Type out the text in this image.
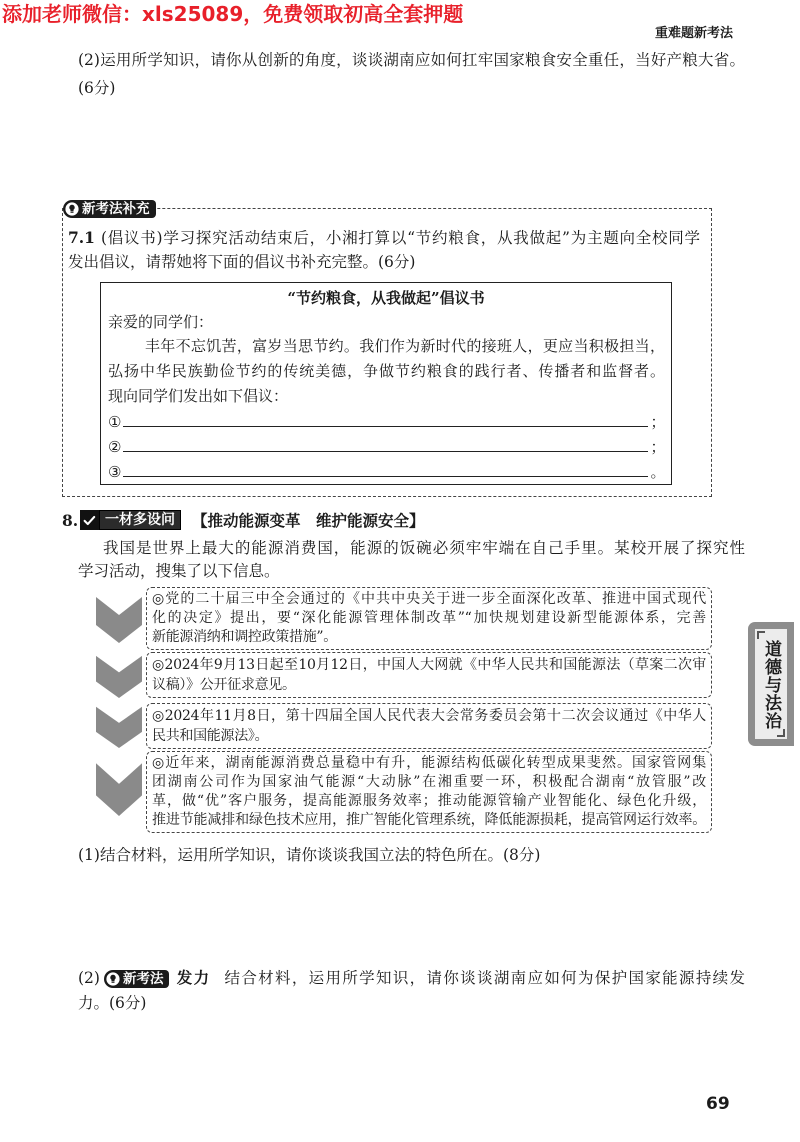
添加老师微信：xls25089，免费领取初高全套押题
重难题新考法
(2)运用所学知识，请你从创新的角度，谈谈湖南应如何扛牢国家粮食安全重任，当好产粮大省。
(6分)
新考法补充
7.1 (倡议书)学习探究活动结束后，小湘打算以“节约粮食，从我做起”为主题向全校同学
发出倡议，请帮她将下面的倡议书补充完整。(6分)
“节约粮食，从我做起”倡议书
亲爱的同学们：
丰年不忘饥苦，富岁当思节约。我们作为新时代的接班人，更应当积极担当，
弘扬中华民族勤俭节约的传统美德，争做节约粮食的践行者、传播者和监督者。
现向同学们发出如下倡议：
①	；
②	；
③	。
8.	一材多设问	【推动能源变革　维护能源安全】
我国是世界上最大的能源消费国，能源的饭碗必须牢牢端在自己手里。某校开展了探究性
学习活动，搜集了以下信息。
◎党的二十届三中全会通过的《中共中央关于进一步全面深化改革、推进中国式现代
化的决定》提出，要“深化能源管理体制改革”“加快规划建设新型能源体系，完善
新能源消纳和调控政策措施”。
◎2024年9月13日起至10月12日，中国人大网就《中华人民共和国能源法（草案二次审
议稿）》公开征求意见。
◎2024年11月8日，第十四届全国人民代表大会常务委员会第十二次会议通过《中华人
民共和国能源法》。
◎近年来，湖南能源消费总量稳中有升，能源结构低碳化转型成果斐然。国家管网集
团湖南公司作为国家油气能源“大动脉”在湘重要一环，积极配合湖南“放管服”改
革，做“优”客户服务，提高能源服务效率；推动能源管输产业智能化、绿色化升级，
推进节能减排和绿色技术应用，推广智能化管理系统，降低能源损耗，提高管网运行效率。
(1)结合材料，运用所学知识，请你谈谈我国立法的特色所在。(8分)
(2) 新考法 发力 结合材料，运用所学知识，请你谈谈湖南应如何为保护国家能源持续发
力。(6分)
道德与法治
69
